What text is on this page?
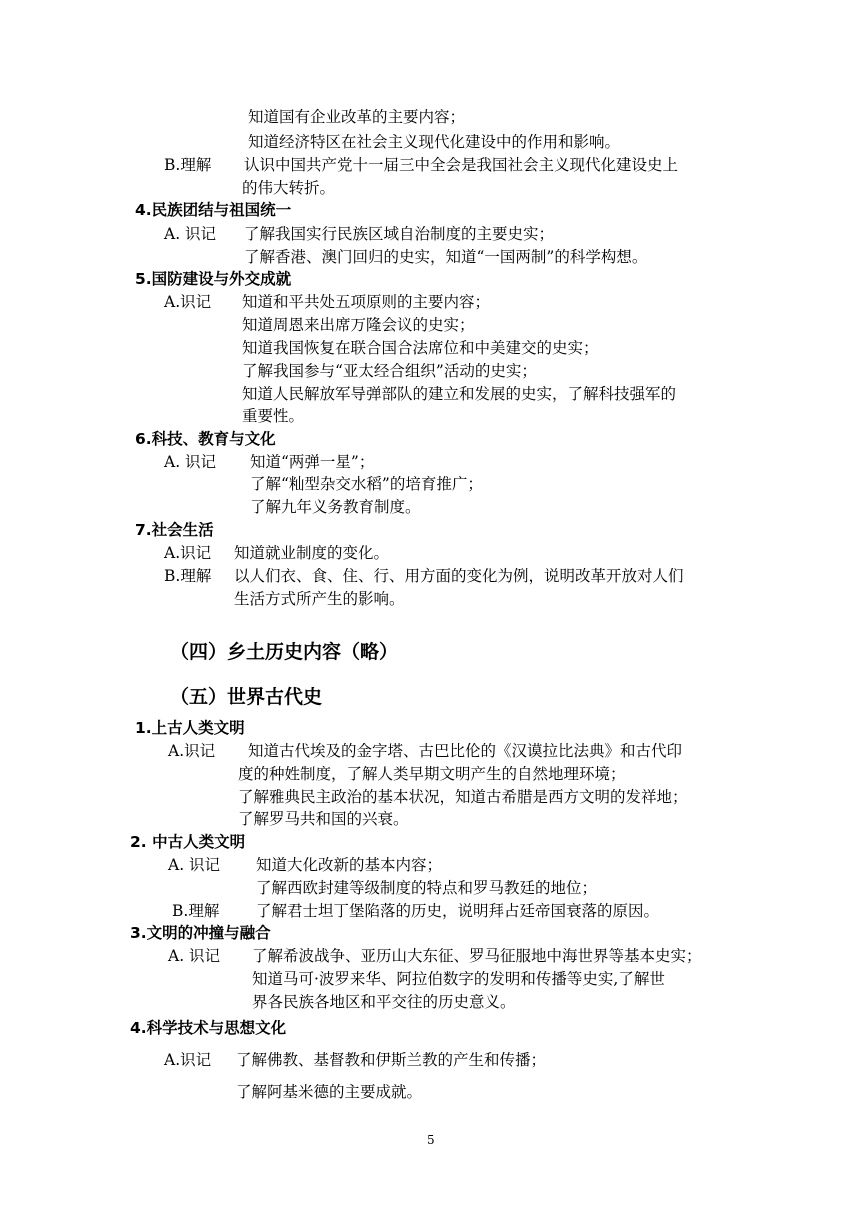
知道国有企业改革的主要内容；
知道经济特区在社会主义现代化建设中的作用和影响。
B.理解 认识中国共产党十一届三中全会是我国社会主义现代化建设史上
的伟大转折。
4.民族团结与祖国统一
A. 识记 了解我国实行民族区域自治制度的主要史实；
了解香港、澳门回归的史实，知道“一国两制”的科学构想。
5.国防建设与外交成就
A.识记 知道和平共处五项原则的主要内容；
知道周恩来出席万隆会议的史实；
知道我国恢复在联合国合法席位和中美建交的史实；
了解我国参与“亚太经合组织”活动的史实；
知道人民解放军导弹部队的建立和发展的史实，了解科技强军的
重要性。
6.科技、教育与文化
A. 识记 知道“两弹一星”；
了解“籼型杂交水稻”的培育推广；
了解九年义务教育制度。
7.社会生活
A.识记 知道就业制度的变化。
B.理解 以人们衣、食、住、行、用方面的变化为例，说明改革开放对人们
生活方式所产生的影响。
（四）乡土历史内容（略）
（五）世界古代史
1.上古人类文明
A.识记 知道古代埃及的金字塔、古巴比伦的《汉谟拉比法典》和古代印
度的种姓制度，了解人类早期文明产生的自然地理环境；
了解雅典民主政治的基本状况，知道古希腊是西方文明的发祥地；
了解罗马共和国的兴衰。
2. 中古人类文明
A. 识记 知道大化改新的基本内容；
了解西欧封建等级制度的特点和罗马教廷的地位；
B.理解 了解君士坦丁堡陷落的历史，说明拜占廷帝国衰落的原因。
3.文明的冲撞与融合
A. 识记 了解希波战争、亚历山大东征、罗马征服地中海世界等基本史实；
知道马可·波罗来华、阿拉伯数字的发明和传播等史实,了解世
界各民族各地区和平交往的历史意义。
4.科学技术与思想文化
A.识记 了解佛教、基督教和伊斯兰教的产生和传播；
了解阿基米德的主要成就。
5
